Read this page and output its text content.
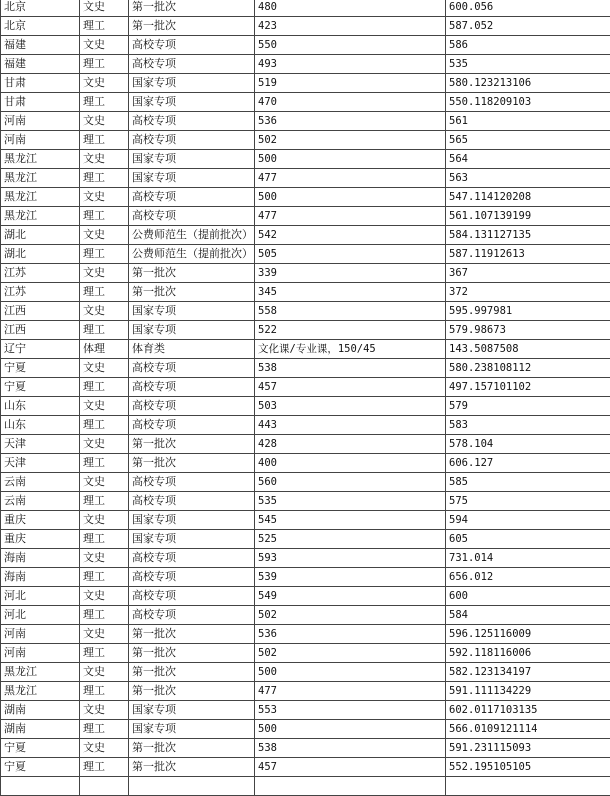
北京	文史	第一批次	480	600.056
北京	理工	第一批次	423	587.052
福建	文史	高校专项	550	586
福建	理工	高校专项	493	535
甘肃	文史	国家专项	519	580.123213106
甘肃	理工	国家专项	470	550.118209103
河南	文史	高校专项	536	561
河南	理工	高校专项	502	565
黑龙江	文史	国家专项	500	564
黑龙江	理工	国家专项	477	563
黑龙江	文史	高校专项	500	547.114120208
黑龙江	理工	高校专项	477	561.107139199
湖北	文史	公费师范生（提前批次）	542	584.131127135
湖北	理工	公费师范生（提前批次）	505	587.11912613
江苏	文史	第一批次	339	367
江苏	理工	第一批次	345	372
江西	文史	国家专项	558	595.997981
江西	理工	国家专项	522	579.98673
辽宁	体理	体育类	文化课/专业课，150/45	143.5087508
宁夏	文史	高校专项	538	580.238108112
宁夏	理工	高校专项	457	497.157101102
山东	文史	高校专项	503	579
山东	理工	高校专项	443	583
天津	文史	第一批次	428	578.104
天津	理工	第一批次	400	606.127
云南	文史	高校专项	560	585
云南	理工	高校专项	535	575
重庆	文史	国家专项	545	594
重庆	理工	国家专项	525	605
海南	文史	高校专项	593	731.014
海南	理工	高校专项	539	656.012
河北	文史	高校专项	549	600
河北	理工	高校专项	502	584
河南	文史	第一批次	536	596.125116009
河南	理工	第一批次	502	592.118116006
黑龙江	文史	第一批次	500	582.123134197
黑龙江	理工	第一批次	477	591.111134229
湖南	文史	国家专项	553	602.0117103135
湖南	理工	国家专项	500	566.0109121114
宁夏	文史	第一批次	538	591.231115093
宁夏	理工	第一批次	457	552.195105105
